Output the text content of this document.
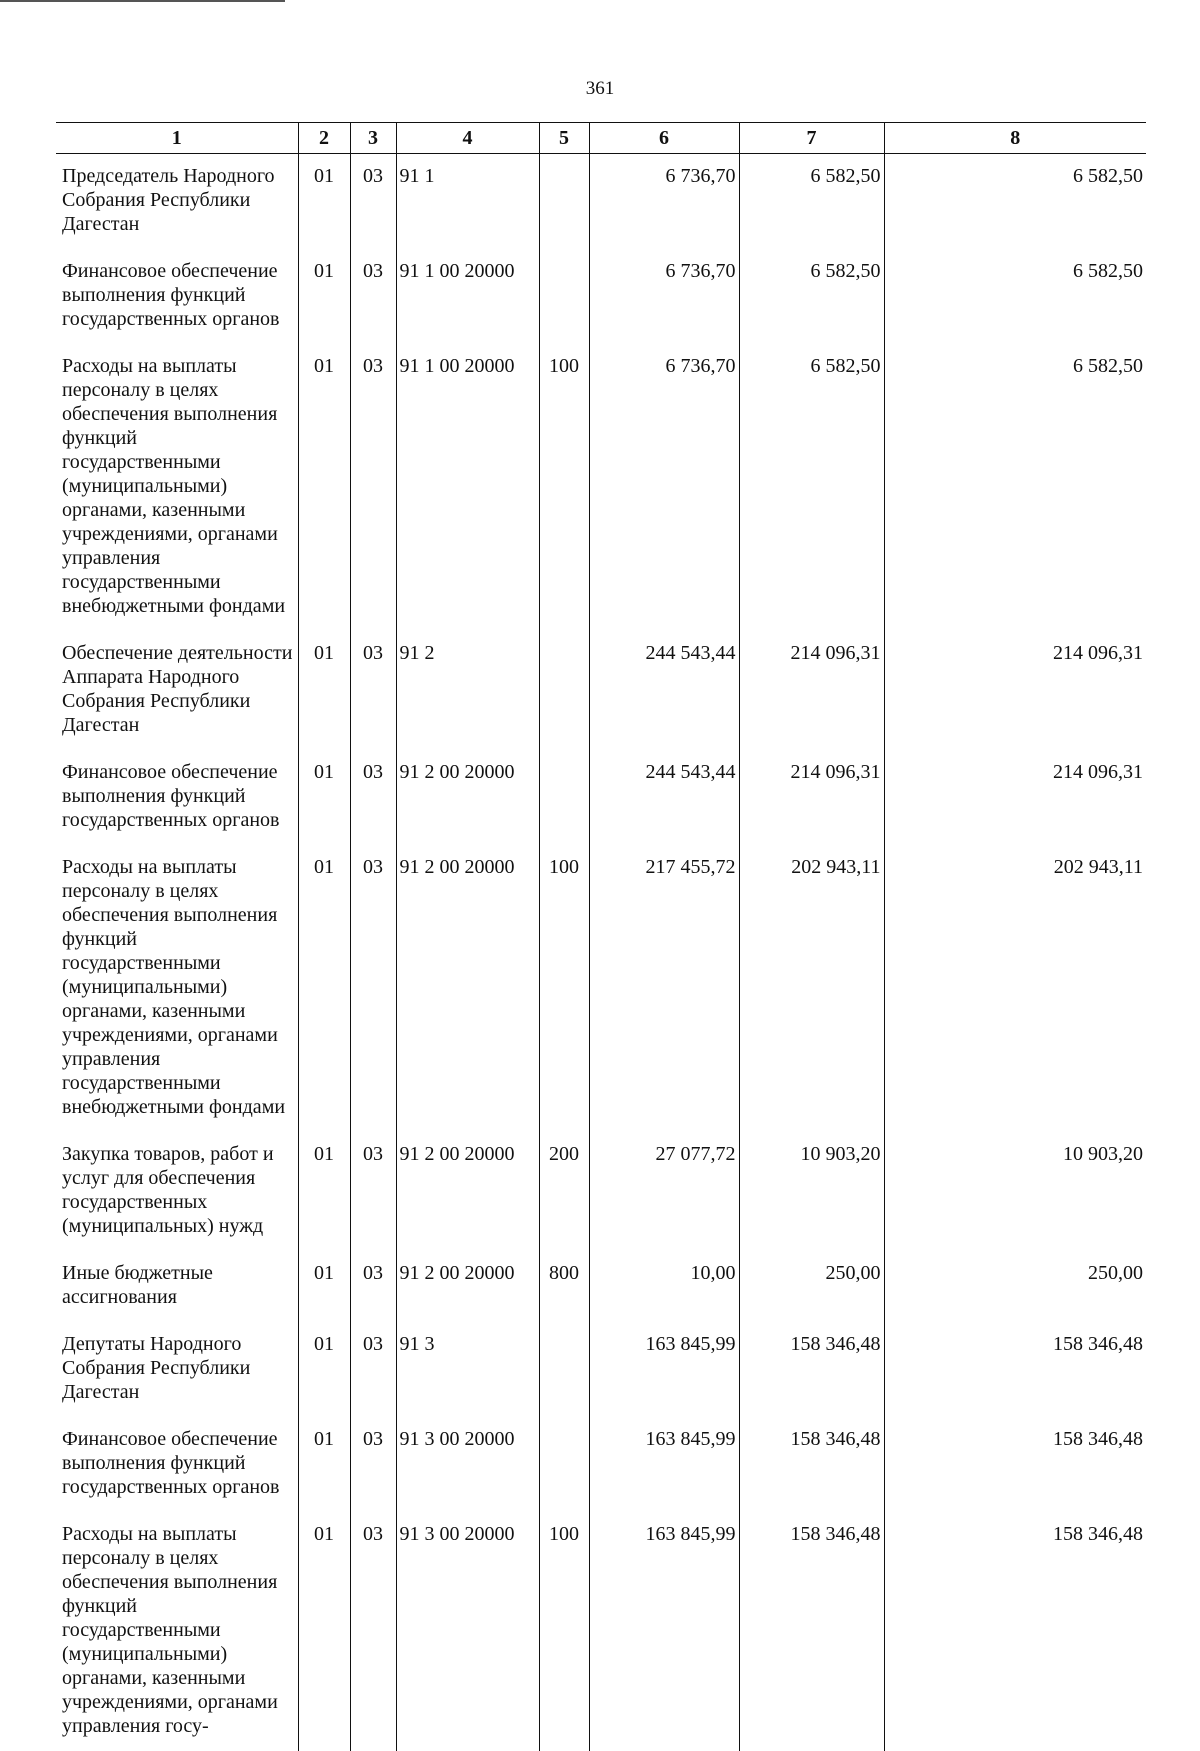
361
1	2	3	4	5	6	7	8
Председатель Народного Собрания Республики Дагестан	01	03	91 1		6 736,70	6 582,50	6 582,50
Финансовое обеспечение выполнения функций государственных органов	01	03	91 1 00 20000		6 736,70	6 582,50	6 582,50
Расходы на выплаты персоналу в целях обеспечения выполнения функций государственными (муниципальными) органами, казенными учреждениями, органами управления государственными внебюджетными фондами	01	03	91 1 00 20000	100	6 736,70	6 582,50	6 582,50
Обеспечение деятельности Аппарата Народного Собрания Республики Дагестан	01	03	91 2		244 543,44	214 096,31	214 096,31
Финансовое обеспечение выполнения функций государственных органов	01	03	91 2 00 20000		244 543,44	214 096,31	214 096,31
Расходы на выплаты персоналу в целях обеспечения выполнения функций государственными (муниципальными) органами, казенными учреждениями, органами управления государственными внебюджетными фондами	01	03	91 2 00 20000	100	217 455,72	202 943,11	202 943,11
Закупка товаров, работ и услуг для обеспечения государственных (муниципальных) нужд	01	03	91 2 00 20000	200	27 077,72	10 903,20	10 903,20
Иные бюджетные ассигнования	01	03	91 2 00 20000	800	10,00	250,00	250,00
Депутаты Народного Собрания Республики Дагестан	01	03	91 3		163 845,99	158 346,48	158 346,48
Финансовое обеспечение выполнения функций государственных органов	01	03	91 3 00 20000		163 845,99	158 346,48	158 346,48
Расходы на выплаты персоналу в целях обеспечения выполнения функций государственными (муниципальными) органами, казенными учреждениями, органами управления госу-	01	03	91 3 00 20000	100	163 845,99	158 346,48	158 346,48
